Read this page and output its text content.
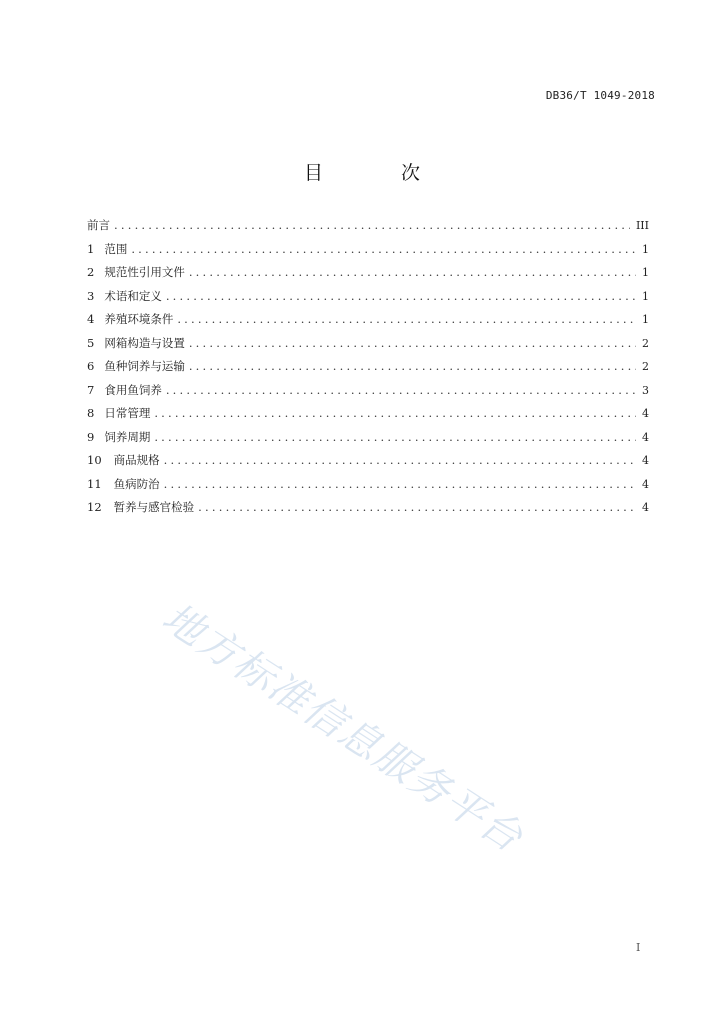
DB36/T 1049-2018
目 次
前言 .....	III
1 范围 .....	1
2 规范性引用文件 .....	1
3 术语和定义 .....	1
4 养殖环境条件 .....	1
5 网箱构造与设置 .....	2
6 鱼种饲养与运输 .....	2
7 食用鱼饲养 .....	3
8 日常管理 .....	4
9 饲养周期 .....	4
10	商品规格 .....	4
11	鱼病防治 .....	4
12	暂养与感官检验 .....	4
地方标准信息服务平台
I
